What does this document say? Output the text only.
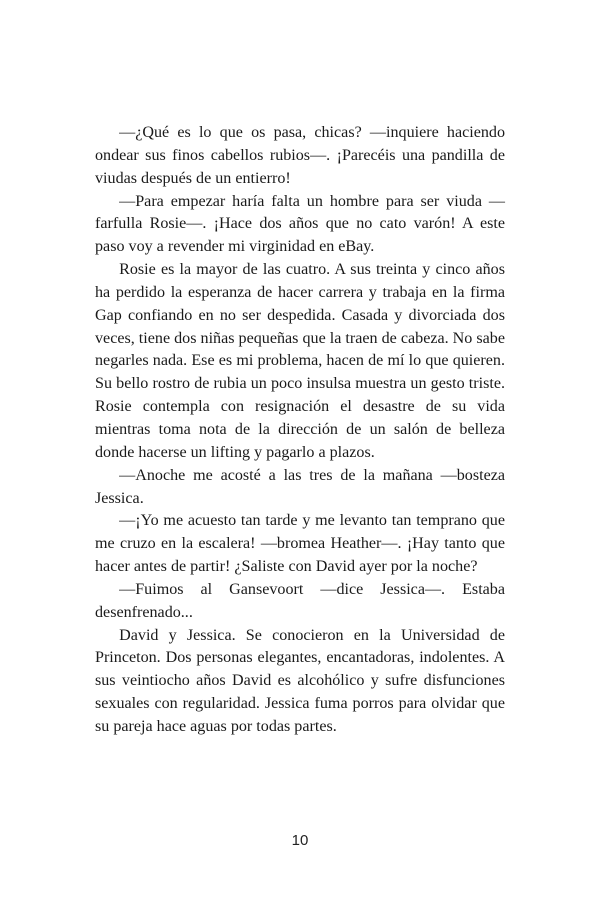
—¿Qué es lo que os pasa, chicas? —inquiere haciendo ondear sus finos cabellos rubios—. ¡Parecéis una pandilla de viudas después de un entierro!

—Para empezar haría falta un hombre para ser viuda —farfulla Rosie—. ¡Hace dos años que no cato varón! A este paso voy a revender mi virginidad en eBay.

Rosie es la mayor de las cuatro. A sus treinta y cinco años ha perdido la esperanza de hacer carrera y trabaja en la firma Gap confiando en no ser despedida. Casada y divorciada dos veces, tiene dos niñas pequeñas que la traen de cabeza. No sabe negarles nada. Ese es mi problema, hacen de mí lo que quieren. Su bello rostro de rubia un poco insulsa muestra un gesto triste. Rosie contempla con resignación el desastre de su vida mientras toma nota de la dirección de un salón de belleza donde hacerse un lifting y pagarlo a plazos.

—Anoche me acosté a las tres de la mañana —bosteza Jessica.

—¡Yo me acuesto tan tarde y me levanto tan temprano que me cruzo en la escalera! —bromea Heather—. ¡Hay tanto que hacer antes de partir! ¿Saliste con David ayer por la noche?

—Fuimos al Gansevoort —dice Jessica—. Estaba desenfrenado...

David y Jessica. Se conocieron en la Universidad de Princeton. Dos personas elegantes, encantadoras, indolentes. A sus veintiocho años David es alcohólico y sufre disfunciones sexuales con regularidad. Jessica fuma porros para olvidar que su pareja hace aguas por todas partes.

10
